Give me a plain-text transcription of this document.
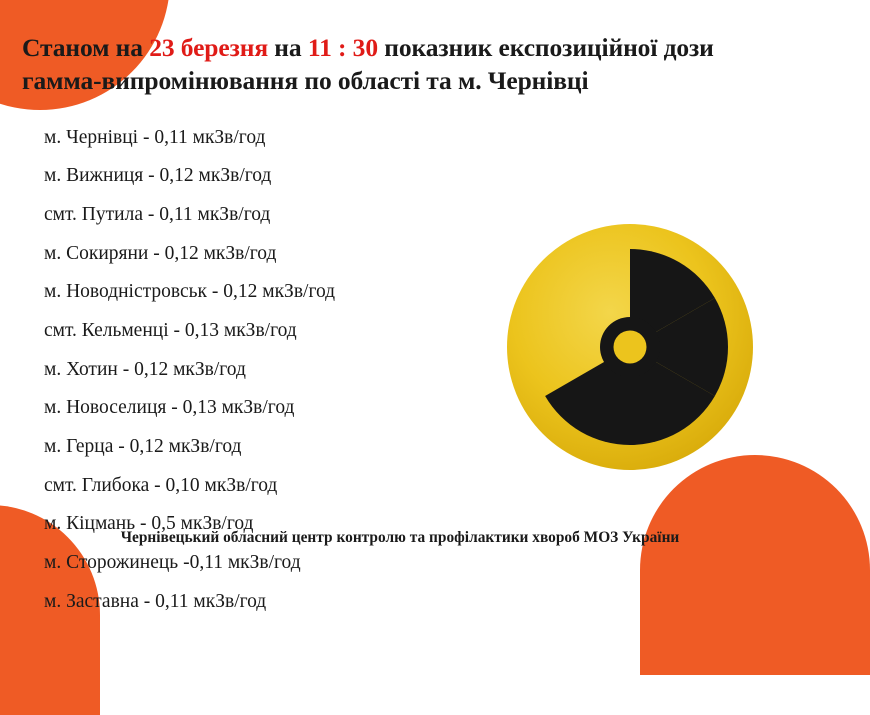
Станом на 23 березня на 11 : 30 показник експозиційної дози гамма-випромінювання по області та м. Чернівці
м. Чернівці - 0,11 мкЗв/год
м. Вижниця - 0,12 мкЗв/год
смт. Путила - 0,11 мкЗв/год
м. Сокиряни - 0,12 мкЗв/год
м. Новодністровськ - 0,12 мкЗв/год
смт. Кельменці - 0,13 мкЗв/год
м. Хотин - 0,12 мкЗв/год
м. Новоселиця - 0,13 мкЗв/год
м. Герца - 0,12 мкЗв/год
смт. Глибока - 0,10 мкЗв/год
м. Кіцмань - 0,5 мкЗв/год
м. Сторожинець -0,11 мкЗв/год
м. Заставна - 0,11 мкЗв/год
Чернівецький обласний центр контролю та профілактики хвороб МОЗ України
